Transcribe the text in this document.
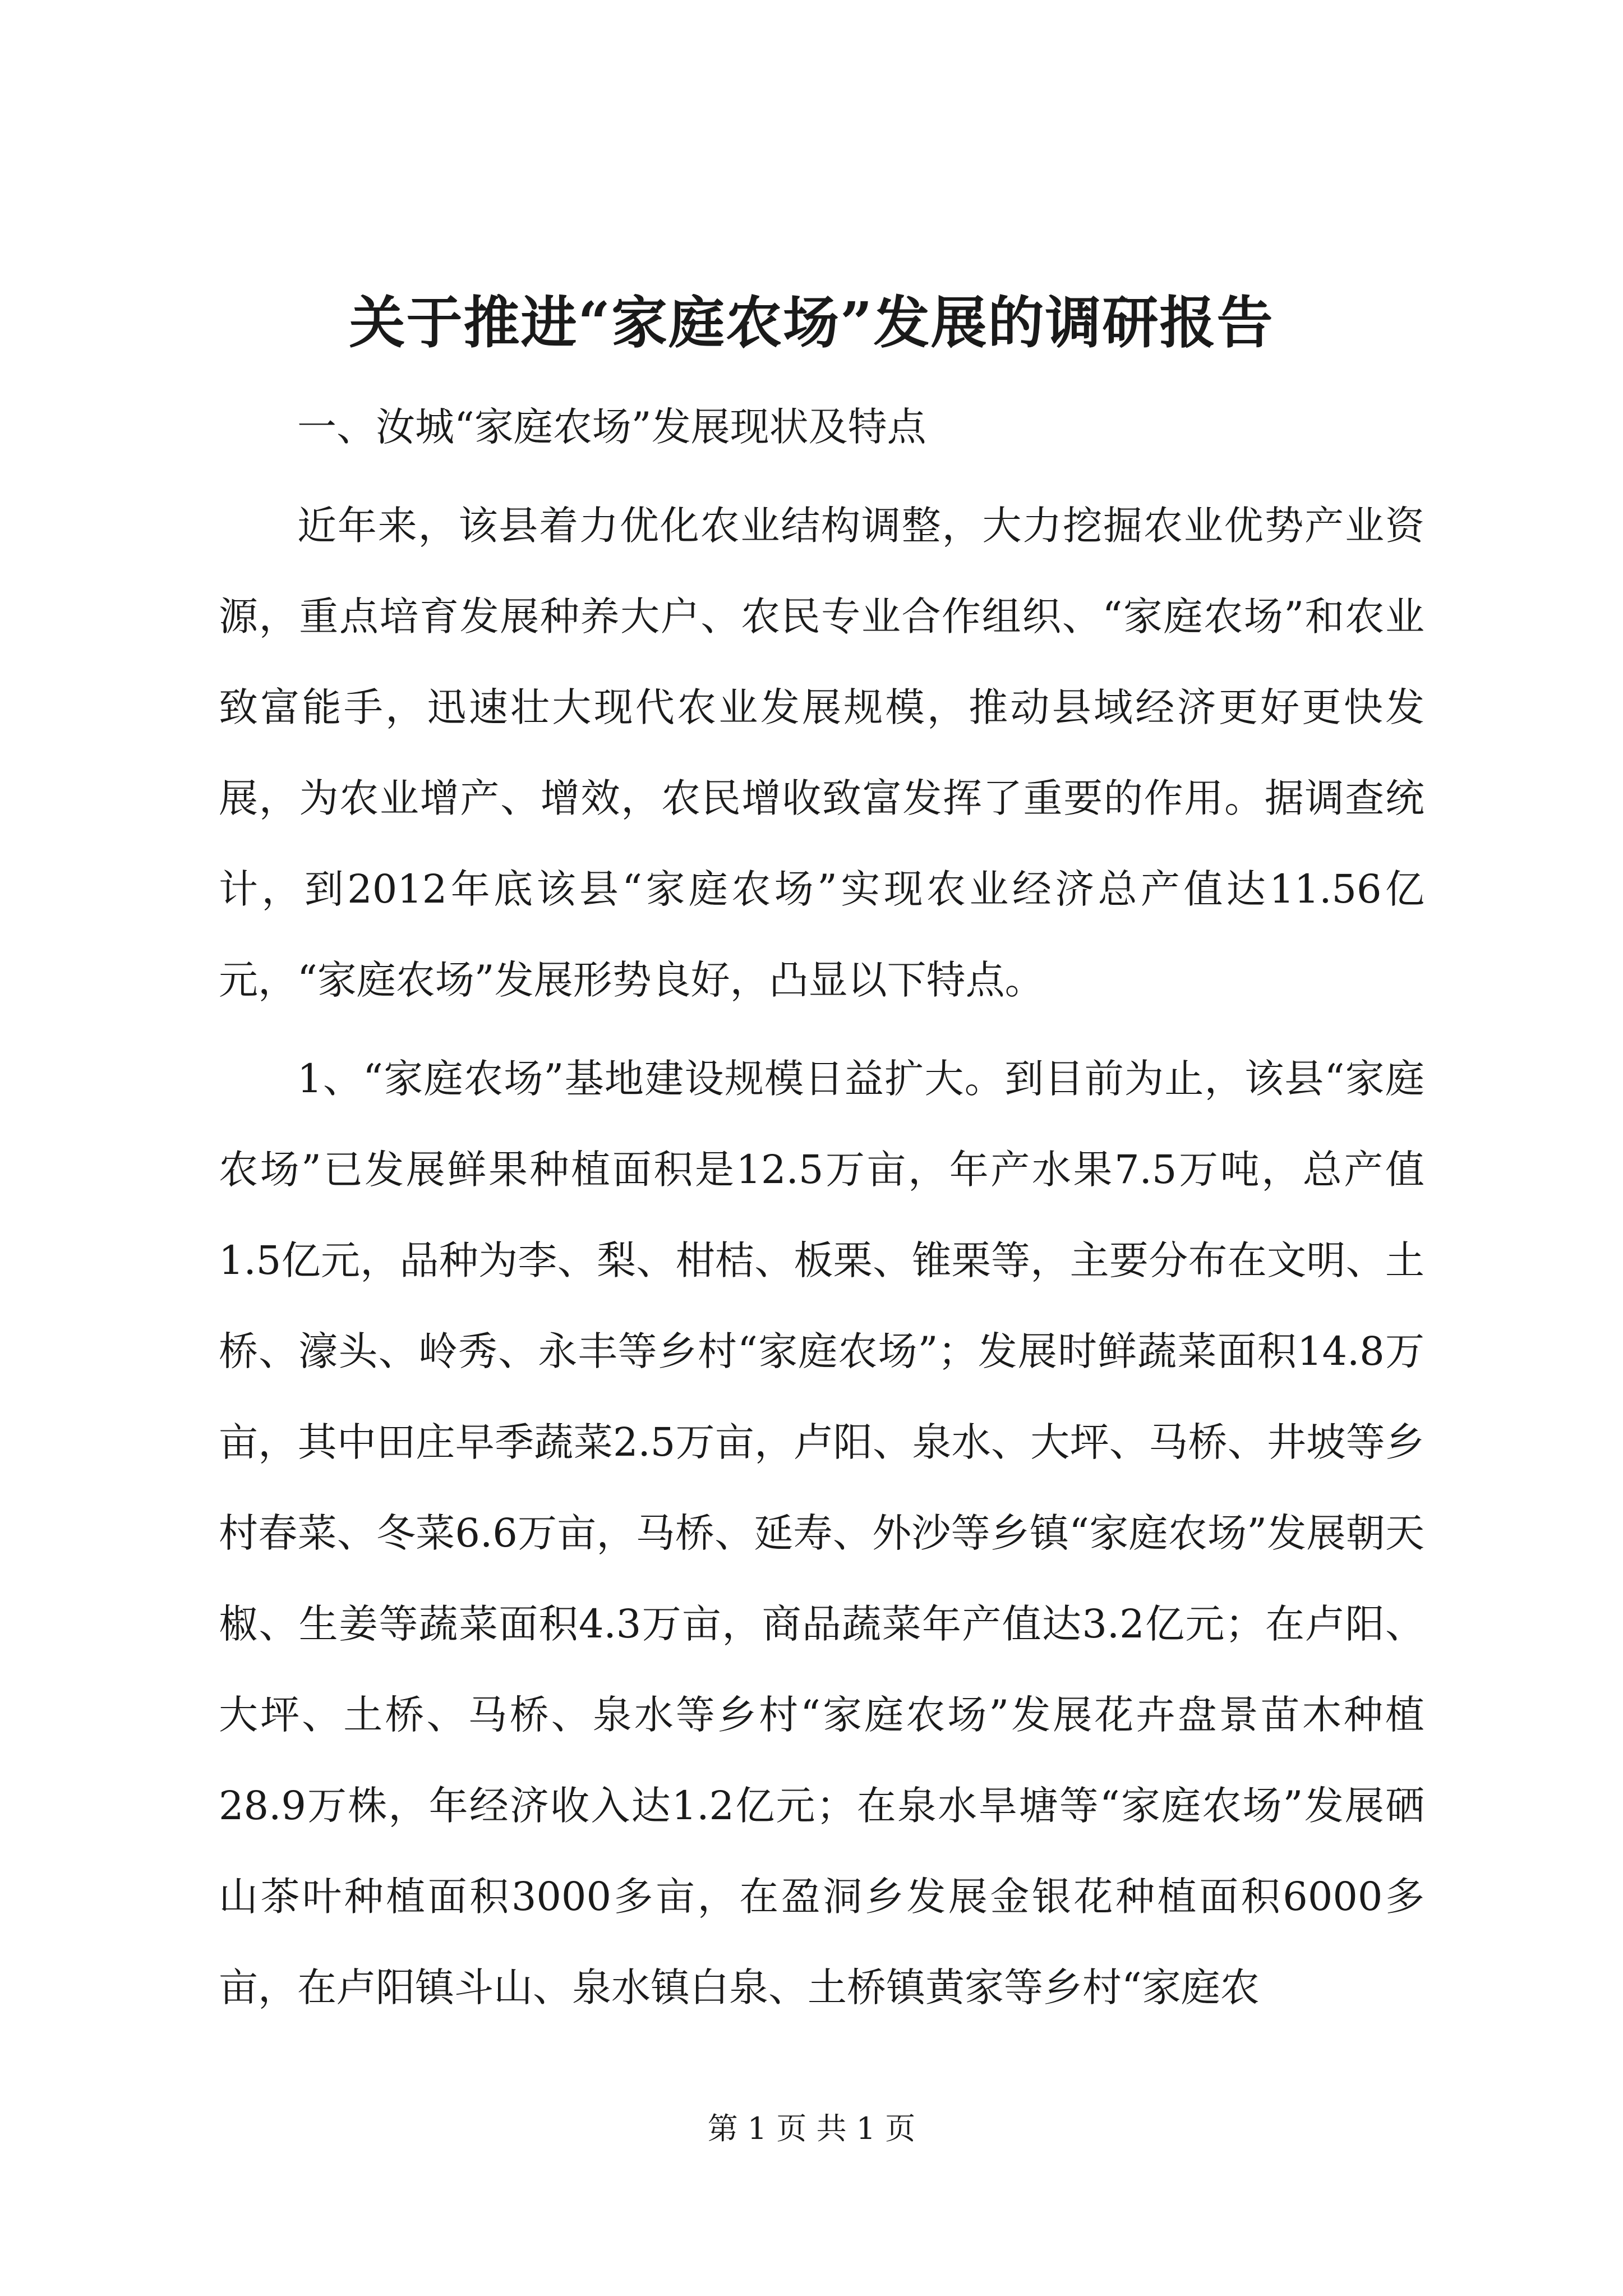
关于推进“家庭农场”发展的调研报告

一、汝城“家庭农场”发展现状及特点

近年来，该县着力优化农业结构调整，大力挖掘农业优势产业资源，重点培育发展种养大户、农民专业合作组织、“家庭农场”和农业致富能手，迅速壮大现代农业发展规模，推动县域经济更好更快发展，为农业增产、增效，农民增收致富发挥了重要的作用。据调查统计，到2012年底该县“家庭农场”实现农业经济总产值达11.56亿元，“家庭农场”发展形势良好，凸显以下特点。

1、“家庭农场”基地建设规模日益扩大。到目前为止，该县“家庭农场”已发展鲜果种植面积是12.5万亩，年产水果7.5万吨，总产值1.5亿元，品种为李、梨、柑桔、板栗、锥栗等，主要分布在文明、土桥、濠头、岭秀、永丰等乡村“家庭农场”；发展时鲜蔬菜面积14.8万亩，其中田庄早季蔬菜2.5万亩，卢阳、泉水、大坪、马桥、井坡等乡村春菜、冬菜6.6万亩，马桥、延寿、外沙等乡镇“家庭农场”发展朝天椒、生姜等蔬菜面积4.3万亩，商品蔬菜年产值达3.2亿元；在卢阳、大坪、土桥、马桥、泉水等乡村“家庭农场”发展花卉盘景苗木种植28.9万株，年经济收入达1.2亿元；在泉水旱塘等“家庭农场”发展硒山茶叶种植面积3000多亩，在盈洞乡发展金银花种植面积6000多亩，在卢阳镇斗山、泉水镇白泉、土桥镇黄家等乡村“家庭农

第 1 页 共 1 页
